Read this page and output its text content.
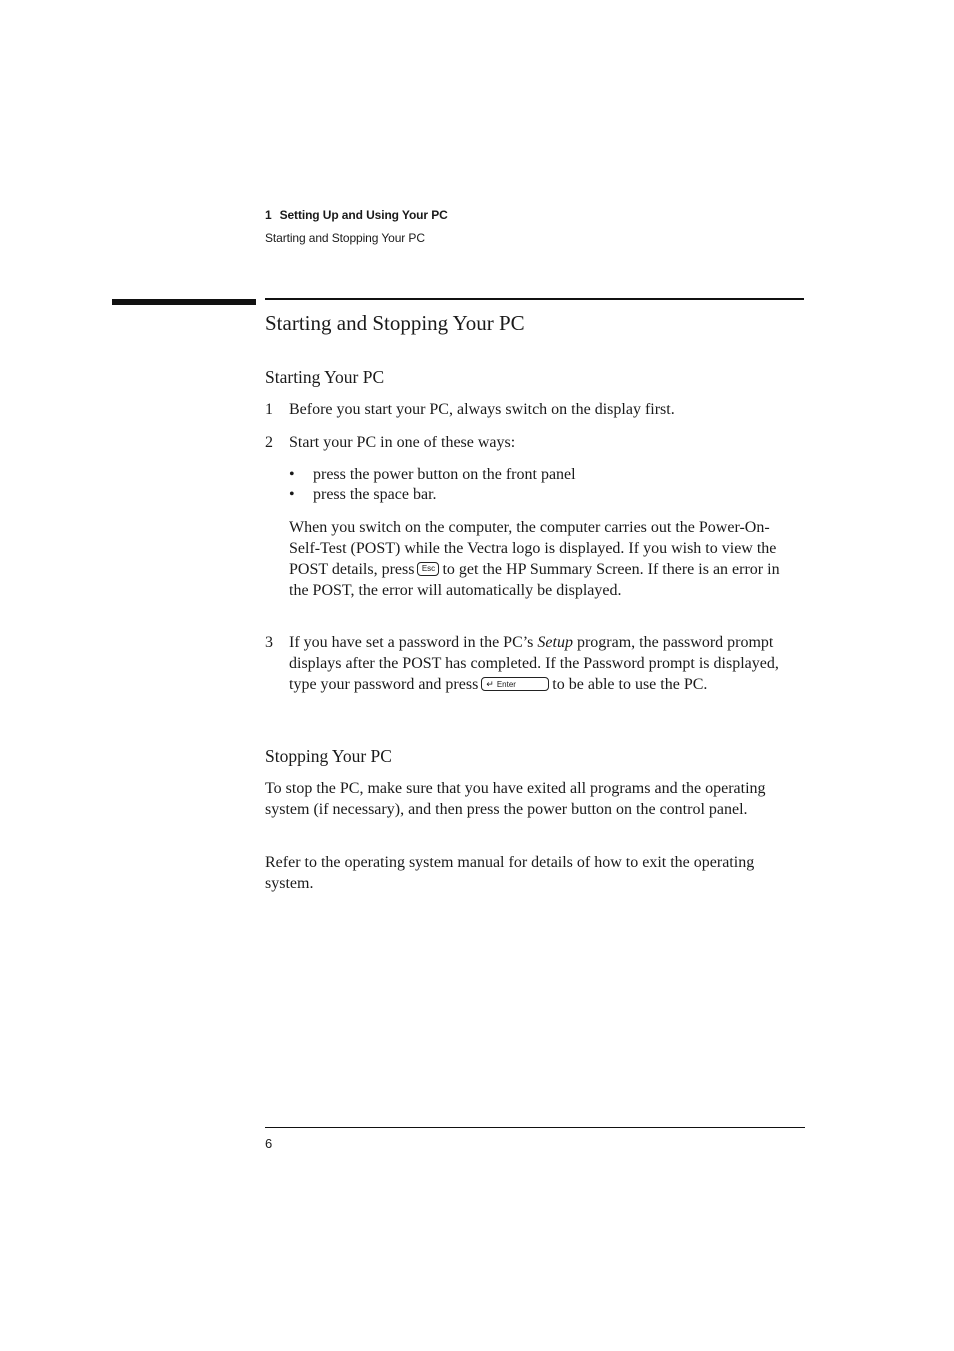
1 Setting Up and Using Your PC
Starting and Stopping Your PC
Starting and Stopping Your PC
Starting Your PC
1 Before you start your PC, always switch on the display first.
2 Start your PC in one of these ways:
• press the power button on the front panel
• press the space bar.
When you switch on the computer, the computer carries out the Power-On-Self-Test (POST) while the Vectra logo is displayed. If you wish to view the POST details, press Esc to get the HP Summary Screen. If there is an error in the POST, the error will automatically be displayed.
3 If you have set a password in the PC’s Setup program, the password prompt displays after the POST has completed. If the Password prompt is displayed, type your password and press ↵ Enter to be able to use the PC.
Stopping Your PC
To stop the PC, make sure that you have exited all programs and the operating system (if necessary), and then press the power button on the control panel.
Refer to the operating system manual for details of how to exit the operating system.
6
